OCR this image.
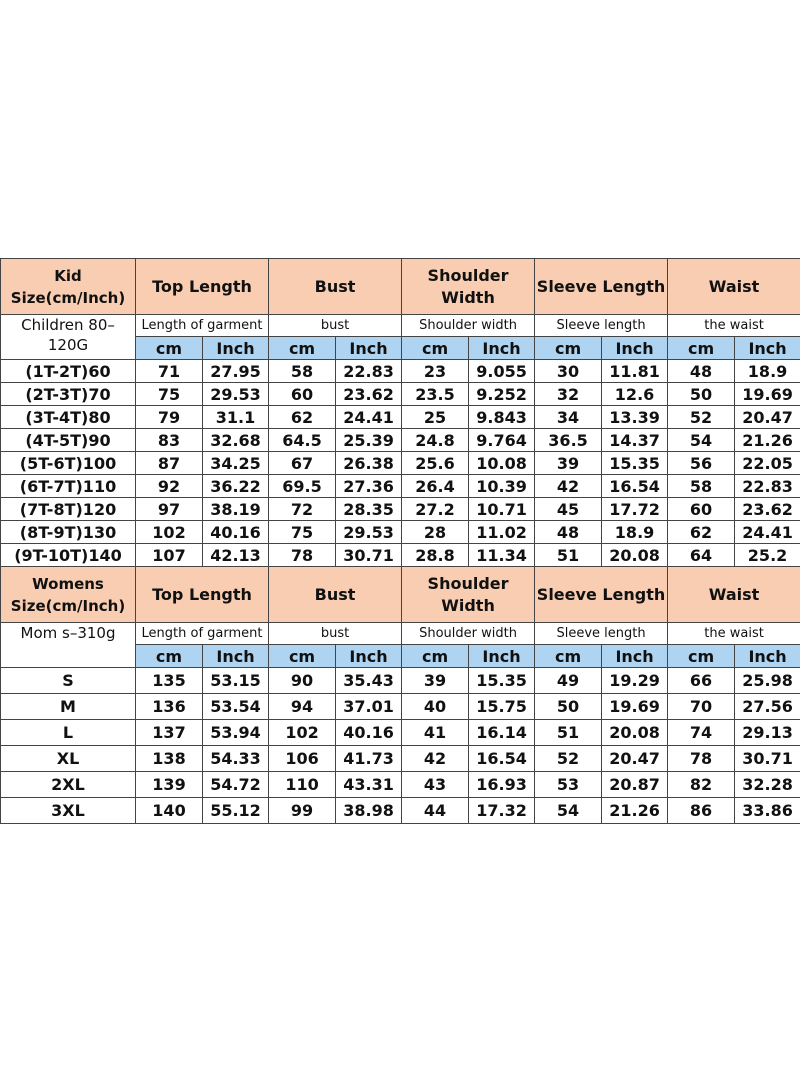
Kid Size(cm/Inch)	Top Length		Bust		Shoulder Width		Sleeve Length		Waist	
Children 80–120G	Length of garment		bust		Shoulder width		Sleeve length		the waist	
	cm	Inch	cm	Inch	cm	Inch	cm	Inch	cm	Inch
(1T-2T)60	71	27.95	58	22.83	23	9.055	30	11.81	48	18.9
(2T-3T)70	75	29.53	60	23.62	23.5	9.252	32	12.6	50	19.69
(3T-4T)80	79	31.1	62	24.41	25	9.843	34	13.39	52	20.47
(4T-5T)90	83	32.68	64.5	25.39	24.8	9.764	36.5	14.37	54	21.26
(5T-6T)100	87	34.25	67	26.38	25.6	10.08	39	15.35	56	22.05
(6T-7T)110	92	36.22	69.5	27.36	26.4	10.39	42	16.54	58	22.83
(7T-8T)120	97	38.19	72	28.35	27.2	10.71	45	17.72	60	23.62
(8T-9T)130	102	40.16	75	29.53	28	11.02	48	18.9	62	24.41
(9T-10T)140	107	42.13	78	30.71	28.8	11.34	51	20.08	64	25.2
Womens Size(cm/Inch)	Top Length		Bust		Shoulder Width		Sleeve Length		Waist	
Mom s–310g	Length of garment		bust		Shoulder width		Sleeve length		the waist	
	cm	Inch	cm	Inch	cm	Inch	cm	Inch	cm	Inch
S	135	53.15	90	35.43	39	15.35	49	19.29	66	25.98
M	136	53.54	94	37.01	40	15.75	50	19.69	70	27.56
L	137	53.94	102	40.16	41	16.14	51	20.08	74	29.13
XL	138	54.33	106	41.73	42	16.54	52	20.47	78	30.71
2XL	139	54.72	110	43.31	43	16.93	53	20.87	82	32.28
3XL	140	55.12	99	38.98	44	17.32	54	21.26	86	33.86
